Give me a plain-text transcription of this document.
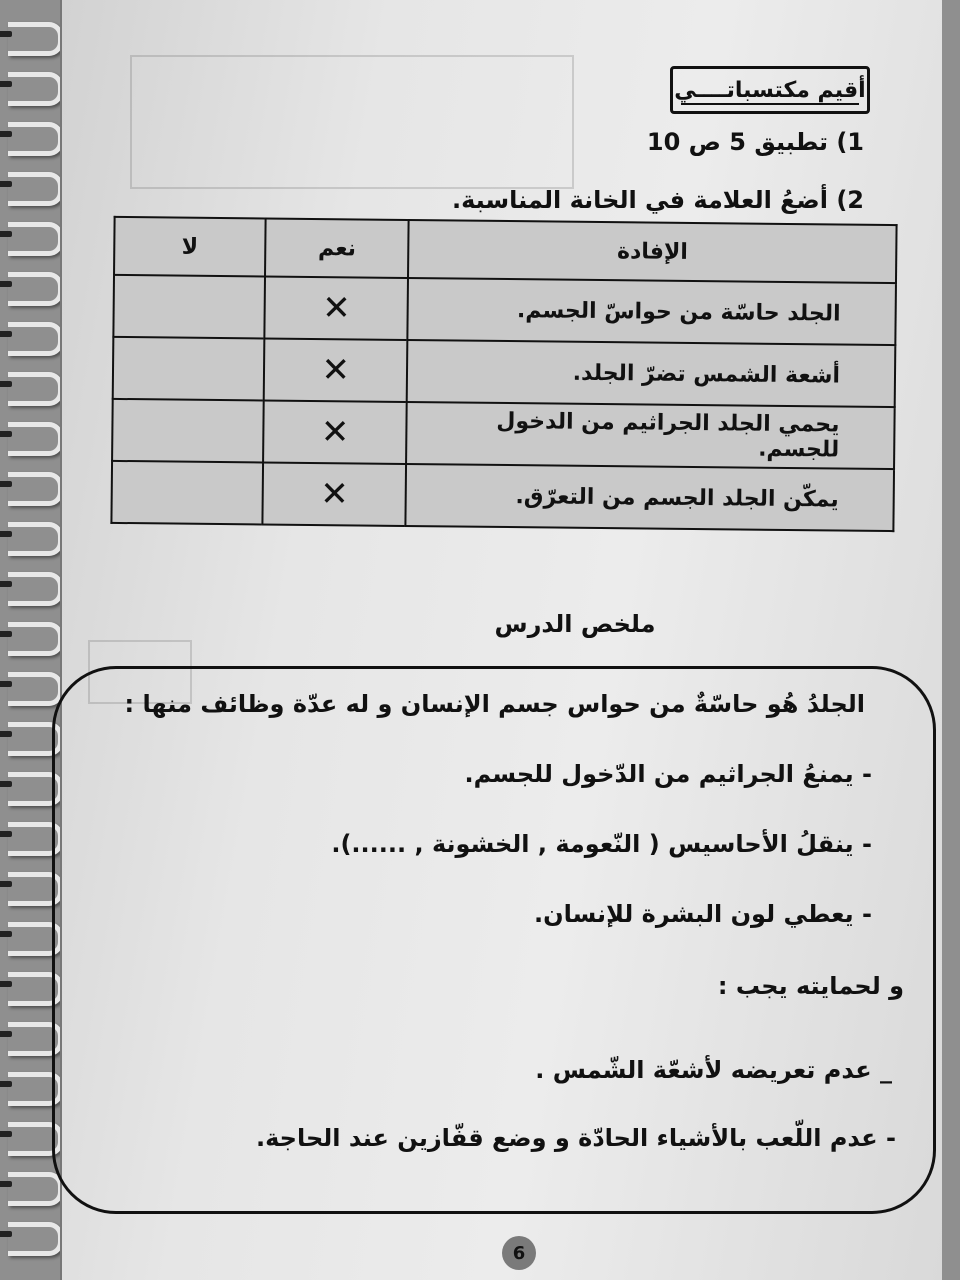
أقيم مكتسباتــــي
1) تطبيق 5 ص 10
2) أضعُ العلامة في الخانة المناسبة.
الإفادة	نعم	لا
الجلد حاسّة من حواسّ الجسم.	✕	
أشعة الشمس تضرّ الجلد.	✕	
يحمي الجلد الجراثيم من الدخول للجسم.	✕	
يمكّن الجلد الجسم من التعرّق.	✕	
ملخص الدرس
الجلدُ هُو حاسّةٌ من حواس جسم الإنسان و له عدّة وظائف منها :
- يمنعُ الجراثيم من الدّخول للجسم.
- ينقلُ الأحاسيس ( النّعومة , الخشونة , ......).
- يعطي لون البشرة للإنسان.
و لحمايته يجب :
_ عدم تعريضه لأشعّة الشّمس .
- عدم اللّعب بالأشياء الحادّة و وضع قفّازين عند الحاجة.
6
